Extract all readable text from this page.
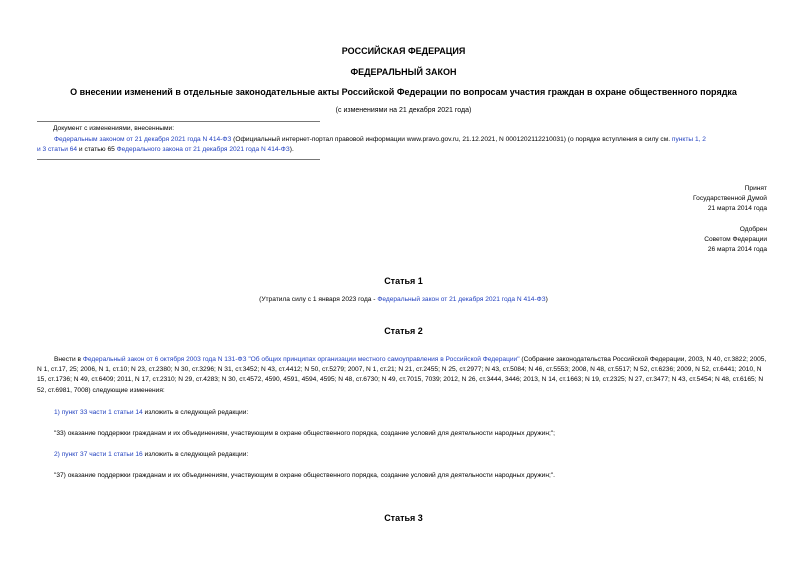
РОССИЙСКАЯ ФЕДЕРАЦИЯ
ФЕДЕРАЛЬНЫЙ ЗАКОН
О внесении изменений в отдельные законодательные акты Российской Федерации по вопросам участия граждан в охране общественного порядка
(с изменениями на 21 декабря 2021 года)
Документ с изменениями, внесенными:
Федеральным законом от 21 декабря 2021 года N 414-ФЗ (Официальный интернет-портал правовой информации www.pravo.gov.ru, 21.12.2021, N 0001202112210031) (о порядке вступления в силу см. пункты 1, 2
и 3 статьи 64 и статью 65 Федерального закона от 21 декабря 2021 года N 414-ФЗ).
Принят
Государственной Думой
21 марта 2014 года
Одобрен
Советом Федерации
26 марта 2014 года
Статья 1
(Утратила силу с 1 января 2023 года - Федеральный закон от 21 декабря 2021 года N 414-ФЗ)
Статья 2
Внести в Федеральный закон от 6 октября 2003 года N 131-ФЗ "Об общих принципах организации местного самоуправления в Российской Федерации" (Собрание законодательства Российской Федерации, 2003, N 40, ст.3822; 2005, N 1, ст.17, 25; 2006, N 1, ст.10; N 23, ст.2380; N 30, ст.3296; N 31, ст.3452; N 43, ст.4412; N 50, ст.5279; 2007, N 1, ст.21; N 21, ст.2455; N 25, ст.2977; N 43, ст.5084; N 46, ст.5553; 2008, N 48, ст.5517; N 52, ст.6236; 2009, N 52, ст.6441; 2010, N 15, ст.1736; N 49, ст.6409; 2011, N 17, ст.2310; N 29, ст.4283; N 30, ст.4572, 4590, 4591, 4594, 4595; N 48, ст.6730; N 49, ст.7015, 7039; 2012, N 26, ст.3444, 3446; 2013, N 14, ст.1663; N 19, ст.2325; N 27, ст.3477; N 43, ст.5454; N 48, ст.6165; N 52, ст.6981, 7008) следующие изменения:
1) пункт 33 части 1 статьи 14 изложить в следующей редакции:
"33) оказание поддержки гражданам и их объединениям, участвующим в охране общественного порядка, создание условий для деятельности народных дружин;";
2) пункт 37 части 1 статьи 16 изложить в следующей редакции:
"37) оказание поддержки гражданам и их объединениям, участвующим в охране общественного порядка, создание условий для деятельности народных дружин;".
Статья 3
